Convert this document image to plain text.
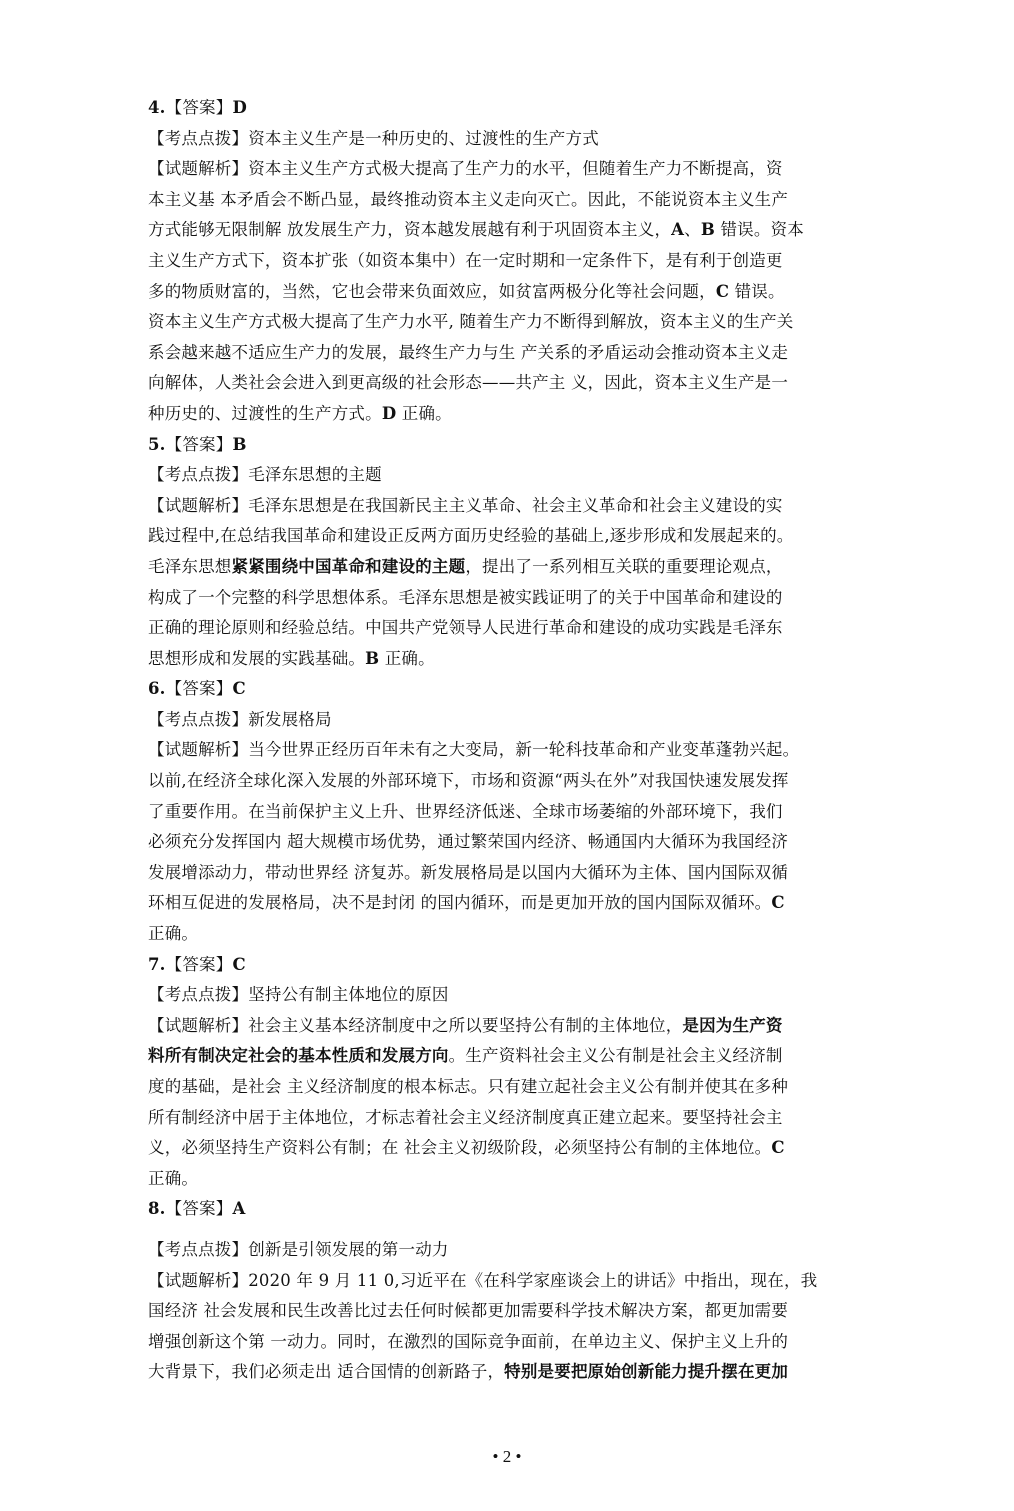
4.【答案】D
【考点点拨】资本主义生产是一种历史的、过渡性的生产方式
【试题解析】资本主义生产方式极大提高了生产力的水平，但随着生产力不断提高，资
本主义基 本矛盾会不断凸显，最终推动资本主义走向灭亡。因此，不能说资本主义生产
方式能够无限制解 放发展生产力，资本越发展越有利于巩固资本主义，A、B 错误。资本
主义生产方式下，资本扩张（如资本集中）在一定时期和一定条件下，是有利于创造更
多的物质财富的，当然，它也会带来负面效应，如贫富两极分化等社会问题，C 错误。
资本主义生产方式极大提高了生产力水平, 随着生产力不断得到解放，资本主义的生产关
系会越来越不适应生产力的发展，最终生产力与生 产关系的矛盾运动会推动资本主义走
向解体，人类社会会进入到更高级的社会形态——共产主 义，因此，资本主义生产是一
种历史的、过渡性的生产方式。D 正确。
5.【答案】B
【考点点拨】毛泽东思想的主题
【试题解析】毛泽东思想是在我国新民主主义革命、社会主义革命和社会主义建设的实
践过程中,在总结我国革命和建设正反两方面历史经验的基础上,逐步形成和发展起来的。
毛泽东思想紧紧围绕中国革命和建设的主题，提出了一系列相互关联的重要理论观点，
构成了一个完整的科学思想体系。毛泽东思想是被实践证明了的关于中国革命和建设的
正确的理论原则和经验总结。中国共产党领导人民进行革命和建设的成功实践是毛泽东
思想形成和发展的实践基础。B 正确。
6.【答案】C
【考点点拨】新发展格局
【试题解析】当今世界正经历百年未有之大变局，新一轮科技革命和产业变革蓬勃兴起。
以前,在经济全球化深入发展的外部环境下，市场和资源“两头在外”对我国快速发展发挥
了重要作用。在当前保护主义上升、世界经济低迷、全球市场萎缩的外部环境下，我们
必须充分发挥国内 超大规模市场优势，通过繁荣国内经济、畅通国内大循环为我国经济
发展增添动力，带动世界经 济复苏。新发展格局是以国内大循环为主体、国内国际双循
环相互促进的发展格局，决不是封闭 的国内循环，而是更加开放的国内国际双循环。C
正确。
7.【答案】C
【考点点拨】坚持公有制主体地位的原因
【试题解析】社会主义基本经济制度中之所以要坚持公有制的主体地位，是因为生产资
料所有制决定社会的基本性质和发展方向。生产资料社会主义公有制是社会主义经济制
度的基础，是社会 主义经济制度的根本标志。只有建立起社会主义公有制并使其在多种
所有制经济中居于主体地位，才标志着社会主义经济制度真正建立起来。要坚持社会主
义，必须坚持生产资料公有制；在 社会主义初级阶段，必须坚持公有制的主体地位。C
正确。
8.【答案】A
【考点点拨】创新是引领发展的第一动力
【试题解析】2020 年 9 月 11 0,习近平在《在科学家座谈会上的讲话》中指出，现在，我
国经济 社会发展和民生改善比过去任何时候都更加需要科学技术解决方案，都更加需要
增强创新这个第 一动力。同时，在激烈的国际竞争面前，在单边主义、保护主义上升的
大背景下，我们必须走出 适合国情的创新路子，特别是要把原始创新能力提升摆在更加
• 2 •
